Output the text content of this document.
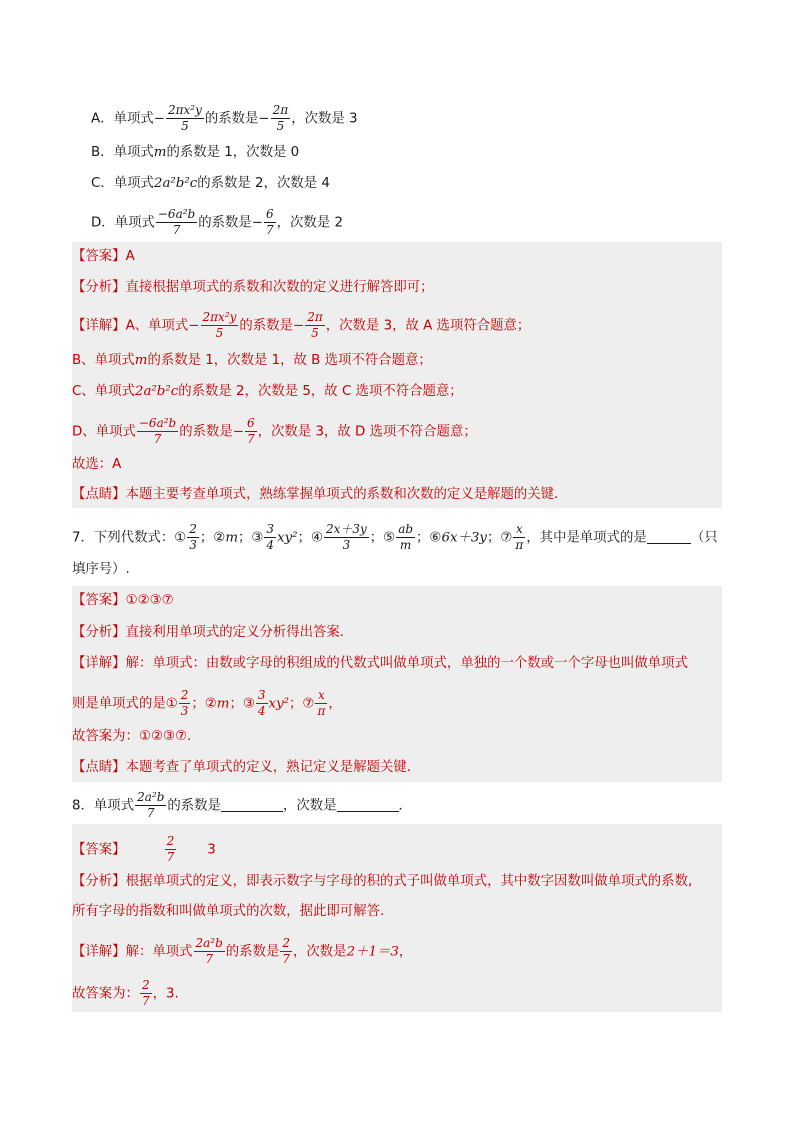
A．单项式− $\frac{\text{2πx²y}}{5}$ 的系数是− $\frac{2\pi}{5}$ ，次数是 3
B．单项式m的系数是 1，次数是 0
C．单项式2a²b²c的系数是 2，次数是 4
D．单项式 $\frac{\text{−6a²b}}{7}$ 的系数是− $\frac{6}{7}$ ，次数是 2
【答案】A
【分析】直接根据单项式的系数和次数的定义进行解答即可；
【详解】A、单项式− $\frac{\text{2πx²y}}{5}$ 的系数是− $\frac{2\pi}{5}$ ，次数是 3，故 A 选项符合题意；
B、单项式m的系数是 1，次数是 1，故 B 选项不符合题意；
C、单项式2a²b²c的系数是 2，次数是 5，故 C 选项不符合题意；
D、单项式 $\frac{\text{−6a²b}}{7}$ 的系数是− $\frac{6}{7}$ ，次数是 3，故 D 选项不符合题意；
故选：A
【点睛】本题主要考查单项式，熟练掌握单项式的系数和次数的定义是解题的关键．
7．下列代数式：① $\frac{2}{3}$ ；②m；③ $\frac{3}{4} xy^2$；④ $\frac{2x+3y}{3}$ ；⑤ $\frac{ab}{m}$ ；⑥6x＋3y；⑦ $\frac{x}{\pi}$ ，其中是单项式的是	（只
填序号）.
【答案】①②③⑦
【分析】直接利用单项式的定义分析得出答案．
【详解】解：单项式：由数或字母的积组成的代数式叫做单项式，单独的一个数或一个字母也叫做单项式
则是单项式的是① $\frac{2}{3}$ ；②m；③ $\frac{3}{4} xy^2$；⑦ $\frac{x}{\pi}$ ，
故答案为：①②③⑦.
【点睛】本题考查了单项式的定义，熟记定义是解题关键．
8．单项式 $\frac{\text{2a²b}}{7}$ 的系数是	，次数是	．
【答案】	$\frac{2}{7} 3$
【分析】根据单项式的定义，即表示数字与字母的积的式子叫做单项式，其中数字因数叫做单项式的系数,
所有字母的指数和叫做单项式的次数，据此即可解答.
【详解】解：单项式 $\frac{\text{2a²b}}{7}$ 的系数是 $\frac{2}{7}$ ，次数是2＋1＝3，
故答案为： $\frac{2}{7}$ ，3.
